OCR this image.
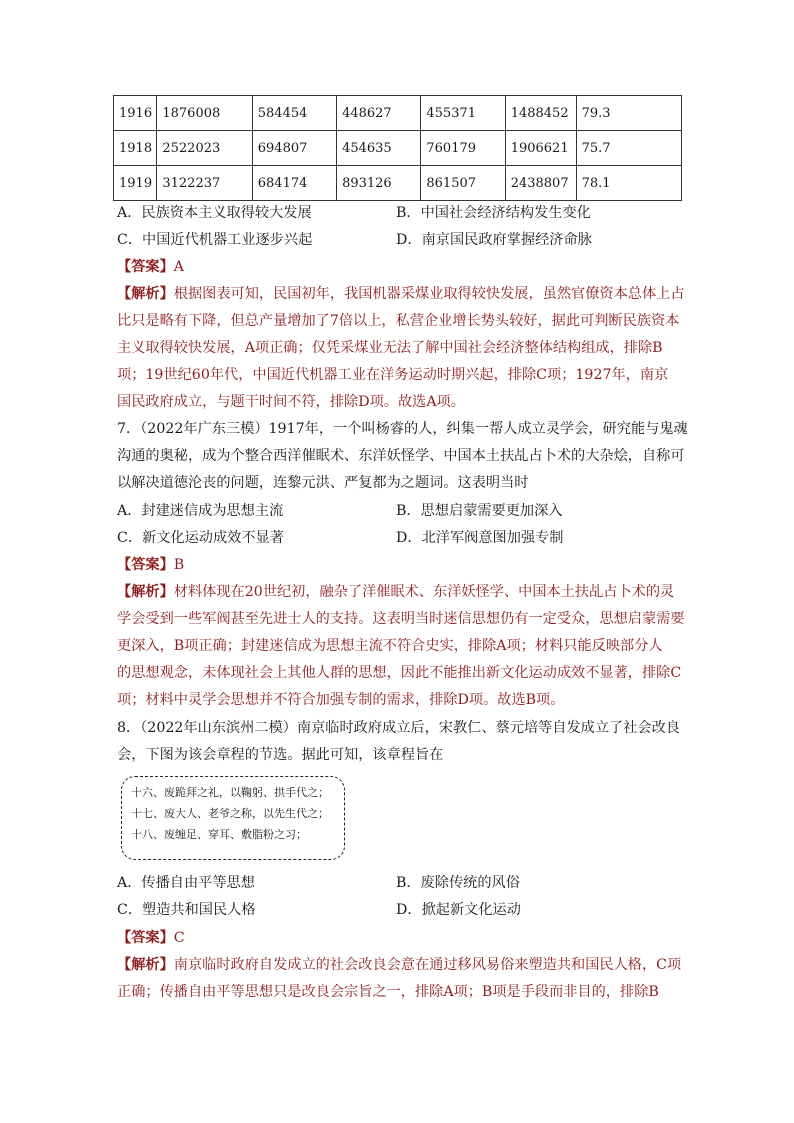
1916	1876008	584454	448627	455371	1488452	79.3
1918	2522023	694807	454635	760179	1906621	75.7
1919	3122237	684174	893126	861507	2438807	78.1
A．民族资本主义取得较大发展	B．中国社会经济结构发生变化
C．中国近代机器工业逐步兴起	D．南京国民政府掌握经济命脉
【答案】A
【解析】根据图表可知，民国初年，我国机器采煤业取得较快发展，虽然官僚资本总体上占
比只是略有下降，但总产量增加了7倍以上，私营企业增长势头较好，据此可判断民族资本
主义取得较快发展，A项正确；仅凭采煤业无法了解中国社会经济整体结构组成，排除B
项；19世纪60年代，中国近代机器工业在洋务运动时期兴起，排除C项；1927年，南京
国民政府成立，与题干时间不符，排除D项。故选A项。
7．（2022年广东三模）1917年，一个叫杨睿的人，纠集一帮人成立灵学会，研究能与鬼魂
沟通的奥秘，成为个整合西洋催眠术、东洋妖怪学、中国本土扶乩占卜术的大杂烩，自称可
以解决道德沦丧的问题，连黎元洪、严复都为之题词。这表明当时
A．封建迷信成为思想主流	B．思想启蒙需要更加深入
C．新文化运动成效不显著	D．北洋军阀意图加强专制
【答案】B
【解析】材料体现在20世纪初，融杂了洋催眠术、东洋妖怪学、中国本土扶乩占卜术的灵
学会受到一些军阀甚至先进士人的支持。这表明当时迷信思想仍有一定受众，思想启蒙需要
更深入，B项正确；封建迷信成为思想主流不符合史实，排除A项；材料只能反映部分人
的思想观念，未体现社会上其他人群的思想，因此不能推出新文化运动成效不显著，排除C
项；材料中灵学会思想并不符合加强专制的需求，排除D项。故选B项。
8．（2022年山东滨州二模）南京临时政府成立后，宋教仁、蔡元培等自发成立了社会改良
会，下图为该会章程的节选。据此可知，该章程旨在
十六、废跪拜之礼，以鞠躬、拱手代之；
十七、废大人、老爷之称，以先生代之；
十八、废缠足、穿耳、敷脂粉之习；
A．传播自由平等思想	B．废除传统的风俗
C．塑造共和国民人格	D．掀起新文化运动
【答案】C
【解析】南京临时政府自发成立的社会改良会意在通过移风易俗来塑造共和国民人格，C项
正确；传播自由平等思想只是改良会宗旨之一，排除A项；B项是手段而非目的，排除B
